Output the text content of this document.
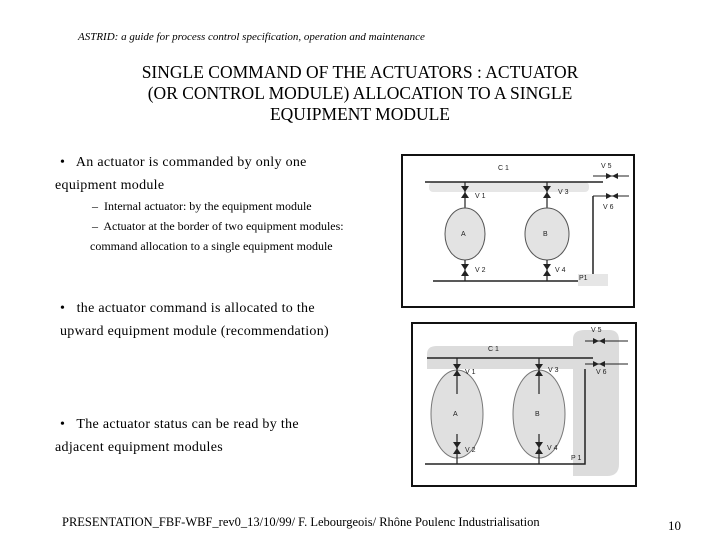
ASTRID: a guide for process control specification, operation and maintenance
SINGLE COMMAND OF THE ACTUATORS : ACTUATOR
(OR CONTROL MODULE) ALLOCATION TO A SINGLE
EQUIPMENT MODULE
• An actuator is commanded by only one
equipment module
– Internal actuator: by the equipment module
– Actuator at the border of two equipment modules:
command allocation to a single equipment module
• the actuator command is allocated to the
upward equipment module (recommendation)
• The actuator status can be read by the
adjacent equipment modules
C 1
V 1
V 3
V 5
V 6
A	B
V 2	V 4
P1
C 1
V 1	V 3
V 5
V 6
A	B
V 2	V 4
P 1
PRESENTATION_FBF-WBF_rev0_13/10/99/ F. Lebourgeois/ Rhône Poulenc Industrialisation	10
